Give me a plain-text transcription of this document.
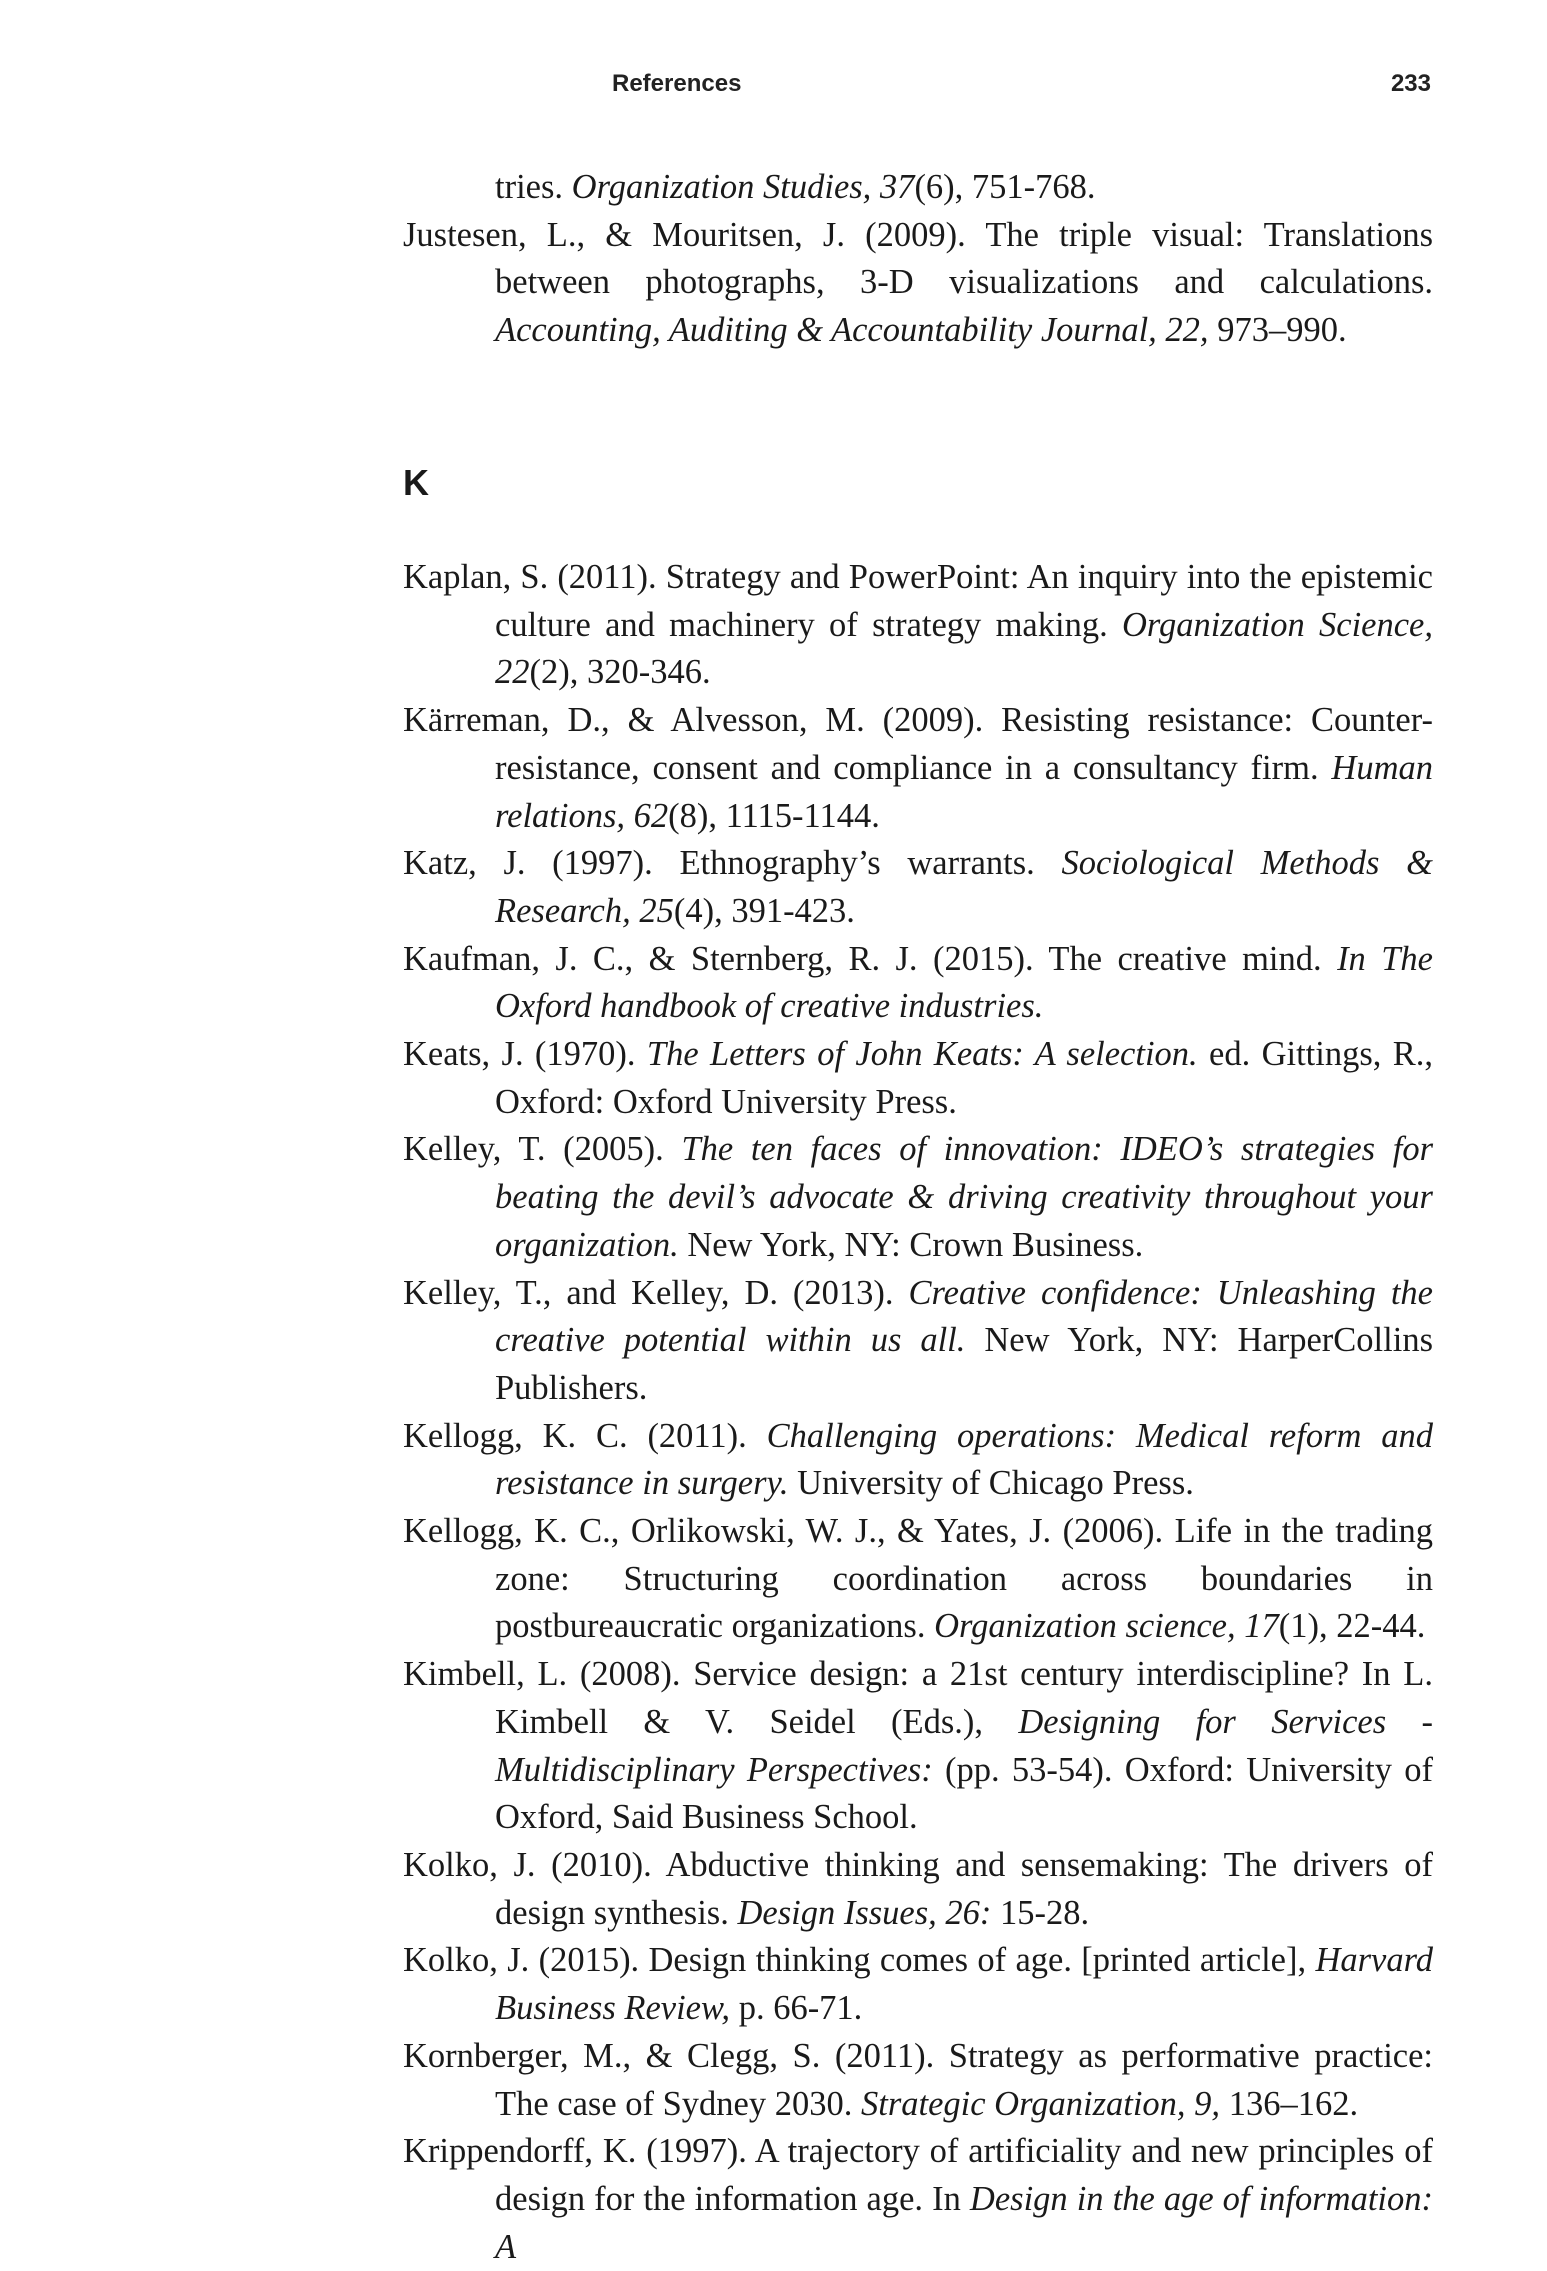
References	233

tries. Organization Studies, 37(6), 751-768.

Justesen, L., & Mouritsen, J. (2009). The triple visual: Translations between photographs, 3-D visualizations and calculations. Accounting, Auditing & Accountability Journal, 22, 973–990.

K

Kaplan, S. (2011). Strategy and PowerPoint: An inquiry into the epistemic culture and machinery of strategy making. Organization Science, 22(2), 320-346.

Kärreman, D., & Alvesson, M. (2009). Resisting resistance: Counter-resistance, consent and compliance in a consultancy firm. Human relations, 62(8), 1115-1144.

Katz, J. (1997). Ethnography’s warrants. Sociological Methods & Research, 25(4), 391-423.

Kaufman, J. C., & Sternberg, R. J. (2015). The creative mind. In The Oxford handbook of creative industries.

Keats, J. (1970). The Letters of John Keats: A selection. ed. Gittings, R., Oxford: Oxford University Press.

Kelley, T. (2005). The ten faces of innovation: IDEO’s strategies for beating the devil’s advocate & driving creativity throughout your organization. New York, NY: Crown Business.

Kelley, T., and Kelley, D. (2013). Creative confidence: Unleashing the creative potential within us all. New York, NY: HarperCollins Publishers.

Kellogg, K. C. (2011). Challenging operations: Medical reform and resistance in surgery. University of Chicago Press.

Kellogg, K. C., Orlikowski, W. J., & Yates, J. (2006). Life in the trading zone: Structuring coordination across boundaries in postbureaucratic organizations. Organization science, 17(1), 22-44.

Kimbell, L. (2008). Service design: a 21st century interdiscipline? In L. Kimbell & V. Seidel (Eds.), Designing for Services - Multidisciplinary Perspectives: (pp. 53-54). Oxford: University of Oxford, Said Business School.

Kolko, J. (2010). Abductive thinking and sensemaking: The drivers of design synthesis. Design Issues, 26: 15-28.

Kolko, J. (2015). Design thinking comes of age. [printed article], Harvard Business Review, p. 66-71.

Kornberger, M., & Clegg, S. (2011). Strategy as performative practice: The case of Sydney 2030. Strategic Organization, 9, 136–162.

Krippendorff, K. (1997). A trajectory of artificiality and new principles of design for the information age. In Design in the age of information: A
